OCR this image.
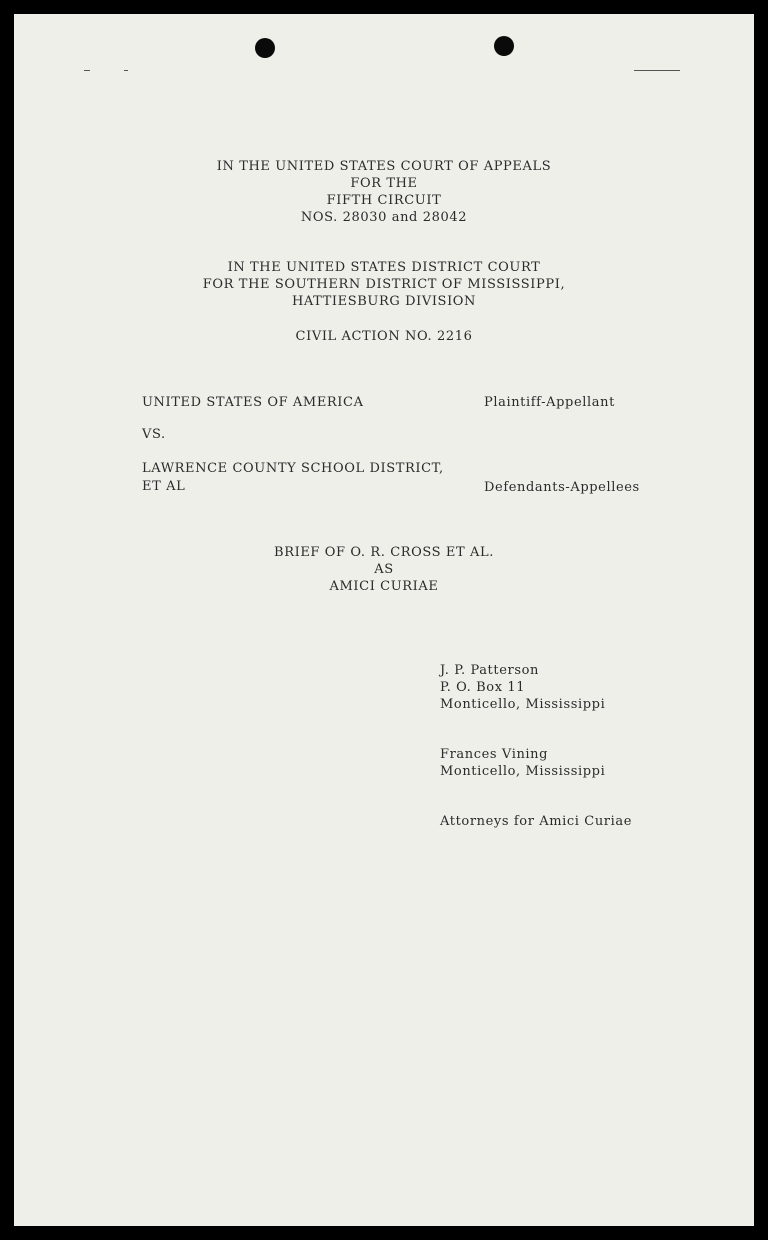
IN THE UNITED STATES COURT OF APPEALS
FOR THE
FIFTH CIRCUIT
NOS. 28030 and 28042
IN THE UNITED STATES DISTRICT COURT
FOR THE SOUTHERN DISTRICT OF MISSISSIPPI,
HATTIESBURG DIVISION
CIVIL ACTION NO. 2216
UNITED STATES OF AMERICA	Plaintiff-Appellant
VS.
LAWRENCE COUNTY SCHOOL DISTRICT,
ET AL	Defendants-Appellees
BRIEF OF O. R. CROSS ET AL.
AS
AMICI CURIAE
J. P. Patterson
P. O. Box 11
Monticello, Mississippi
Frances Vining
Monticello, Mississippi
Attorneys for Amici Curiae
